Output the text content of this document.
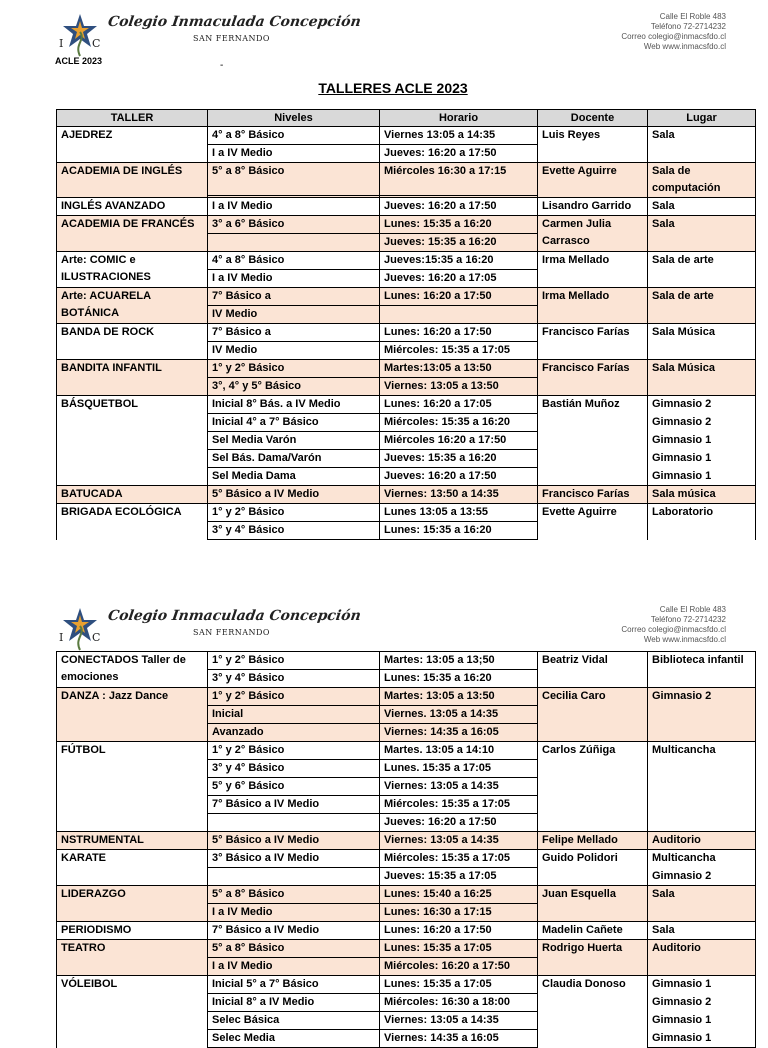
I	C
ACLE 2023
Colegio Inmaculada Concepción
SAN FERNANDO
Calle El Roble 483
Teléfono 72-2714232
Correo colegio@inmacsfdo.cl
Web www.inmacsfdo.cl
-
TALLERES ACLE 2023
TALLER	Niveles	Horario	Docente	Lugar
AJEDREZ	4° a 8° Básico	Viernes 13:05 a 14:35	Luis Reyes	Sala
	I a IV Medio	Jueves: 16:20 a 17:50		
ACADEMIA DE INGLÉS	5° a 8° Básico	Miércoles 16:30 a 17:15	Evette Aguirre	Sala de computación

INGLÉS AVANZADO	I a IV Medio	Jueves: 16:20 a 17:50	Lisandro Garrido	Sala
ACADEMIA DE FRANCÉS	3° a 6° Básico	Lunes: 15:35 a 16:20	Carmen Julia Carrasco	Sala
		Jueves: 15:35 a 16:20		
Arte: COMIC e ILUSTRACIONES	4° a 8° Básico	Jueves:15:35 a 16:20	Irma Mellado	Sala de arte
	I a IV Medio	Jueves: 16:20 a 17:05		
Arte: ACUARELA BOTÁNICA	7° Básico a	Lunes: 16:20 a 17:50	Irma Mellado	Sala de arte
	IV Medio			
BANDA DE ROCK	7° Básico a	Lunes: 16:20 a 17:50	Francisco Farías	Sala Música
	IV Medio	Miércoles: 15:35 a 17:05		
BANDITA INFANTIL	1° y 2° Básico	Martes:13:05 a 13:50	Francisco Farías	Sala Música
	3°, 4° y 5° Básico	Viernes: 13:05 a 13:50		
BÁSQUETBOL	Inicial 8° Bás. a IV Medio	Lunes: 16:20 a 17:05	Bastián Muñoz	Gimnasio 2
	Inicial 4° a 7° Básico	Miércoles: 15:35 a 16:20		Gimnasio 2
	Sel Media Varón	Miércoles 16:20 a 17:50		Gimnasio 1
	Sel Bás. Dama/Varón	Jueves: 15:35 a 16:20		Gimnasio 1
	Sel Media Dama	Jueves: 16:20 a 17:50		Gimnasio 1
BATUCADA	5° Básico a IV Medio	Viernes: 13:50 a 14:35	Francisco Farías	Sala música
BRIGADA ECOLÓGICA	1° y 2° Básico	Lunes 13:05 a 13:55	Evette Aguirre	Laboratorio
	3° y 4° Básico	Lunes: 15:35 a 16:20		
I	C
Colegio Inmaculada Concepción
SAN FERNANDO
Calle El Roble 483
Teléfono 72-2714232
Correo colegio@inmacsfdo.cl
Web www.inmacsfdo.cl
CONECTADOS Taller de emociones	1° y 2° Básico	Martes: 13:05 a 13;50	Beatriz Vidal	Biblioteca infantil
	3° y 4° Básico	Lunes: 15:35 a 16:20		
DANZA : Jazz Dance	1° y 2° Básico	Martes: 13:05 a 13:50	Cecilia Caro	Gimnasio 2
	Inicial	Viernes. 13:05 a 14:35		
	Avanzado	Viernes: 14:35 a 16:05		
FÚTBOL	1° y 2° Básico	Martes. 13:05 a 14:10	Carlos Zúñiga	Multicancha
	3° y 4° Básico	Lunes. 15:35 a 17:05		
	5° y 6° Básico	Viernes: 13:05 a 14:35		
	7° Básico a IV Medio	Miércoles: 15:35 a 17:05		
		Jueves: 16:20 a 17:50		
NSTRUMENTAL	5° Básico a IV Medio	Viernes: 13:05 a 14:35	Felipe Mellado	Auditorio
KARATE	3° Básico a IV Medio	Miércoles: 15:35 a 17:05	Guido Polidori	Multicancha
		Jueves: 15:35 a 17:05		Gimnasio 2
LIDERAZGO	5° a 8° Básico	Lunes: 15:40 a 16:25	Juan Esquella	Sala
	I a IV Medio	Lunes: 16:30 a 17:15		
PERIODISMO	7° Básico a IV Medio	Lunes: 16:20 a 17:50	Madelin Cañete	Sala
TEATRO	5° a 8° Básico	Lunes: 15:35 a 17:05	Rodrigo Huerta	Auditorio
	I a IV Medio	Miércoles: 16:20 a 17:50		
VÓLEIBOL	Inicial 5° a 7° Básico	Lunes: 15:35 a 17:05	Claudia Donoso	Gimnasio 1
	Inicial 8° a IV Medio	Miércoles: 16:30 a 18:00		Gimnasio 2
	Selec Básica	Viernes: 13:05 a 14:35		Gimnasio 1
	Selec Media	Viernes: 14:35 a 16:05		Gimnasio 1
